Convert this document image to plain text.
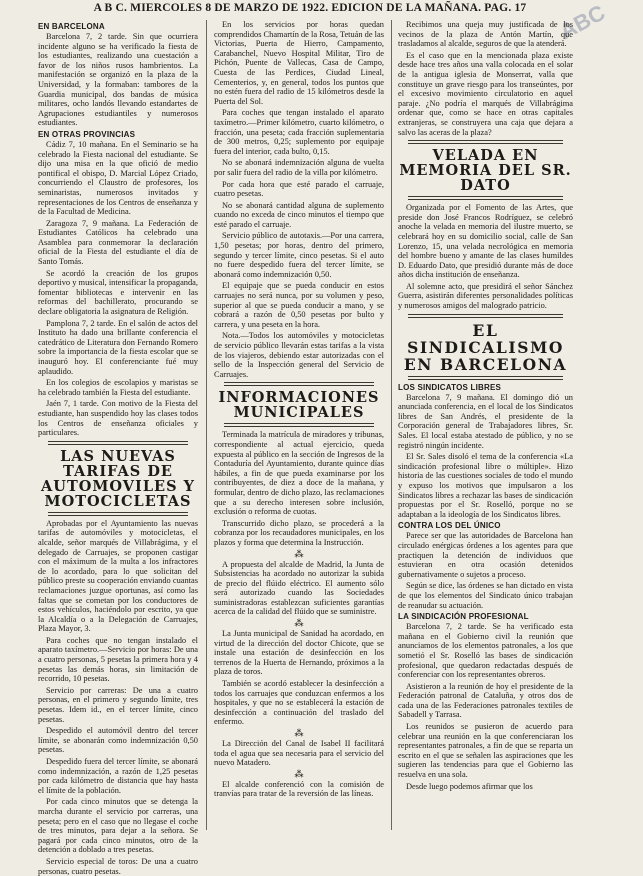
A B C. MIERCOLES 8 DE MARZO DE 1922. EDICION DE LA MAÑANA. PAG. 17	ABC
EN BARCELONA

Barcelona 7, 2 tarde. Sin que ocurriera incidente alguno se ha verificado la fiesta de los estudiantes, realizando una cuestación a favor de los niños rusos hambrientos. La manifestación se organizó en la plaza de la Universidad, y la formaban: tambores de la Guardia municipal, dos bandas de música militares, ocho landós llevando estandartes de Agrupaciones estudiantiles y numerosos estudiantes.

EN OTRAS PROVINCIAS

Cádiz 7, 10 mañana. En el Seminario se ha celebrado la Fiesta nacional del estudiante. Se dijo una misa en la que ofició de medio pontifical el obispo, D. Marcial López Criado, concurriendo el Claustro de profesores, los seminaristas, numerosos invitados y representaciones de los Centros de enseñanza y de la Facultad de Medicina.

Zaragoza 7, 9 mañana. La Federación de Estudiantes Católicos ha celebrado una Asamblea para conmemorar la declaración oficial de la Fiesta del estudiante el día de Santo Tomás.

Se acordó la creación de los grupos deportivo y musical, intensificar la propaganda, fomentar bibliotecas e intervenir en las reformas del bachillerato, procurando se declare obligatoria la asignatura de Religión.

Pamplona 7, 2 tarde. En el salón de actos del Instituto ha dado una brillante conferencia el catedrático de Literatura don Fernando Romero sobre la importancia de la fiesta escolar que se inauguró hoy. El conferenciante fué muy aplaudido.

En los colegios de escolapios y maristas se ha celebrado también la Fiesta del estudiante.

Jaén 7, 1 tarde. Con motivo de la Fiesta del estudiante, han suspendido hoy las clases todos los Centros de enseñanza oficiales y particulares.

LAS NUEVAS TARIFAS DE AUTOMOVILES Y MOTOCICLETAS

Aprobadas por el Ayuntamiento las nuevas tarifas de automóviles y motocicletas, el alcalde, señor marqués de Villabrágima, y el delegado de Carruajes, se proponen castigar con el máximum de la multa a los infractores de lo acordado, para lo que solicitan del público preste su cooperación enviando cuantas reclamaciones juzgue oportunas, así como las faltas que se cometan por los conductores de estos vehículos, haciéndolo por escrito, ya que la Alcaldía o a la Delegación de Carruajes, Plaza Mayor, 3.

Para coches que no tengan instalado el aparato taxímetro.—Servicio por horas: De una a cuatro personas, 5 pesetas la primera hora y 4 pesetas las demás horas, sin limitación de recorrido, 10 pesetas.

Servicio por carreras: De una a cuatro personas, en el primero y segundo límite, tres pesetas. Idem id., en el tercer límite, cinco pesetas.

Despedido el automóvil dentro del tercer límite, se abonarán como indemnización 0,50 pesetas.

Despedido fuera del tercer límite, se abonará como indemnización, a razón de 1,25 pesetas por cada kilómetro de distancia que hay hasta el límite de la población.

Por cada cinco minutos que se detenga la marcha durante el servicio por carreras, una peseta; pero en el caso que no llegase el coche de tres minutos, para dejar a la señora. Se pagará por cada cinco minutos, otro de la detención a doblado a tres pesetas.

Servicio especial de toros: De una a cuatro personas, cuatro pesetas.

En los servicios por horas quedan comprendidos Chamartín de la Rosa, Tetuán de las Victorias, Puerta de Hierro, Campamento, Carabanchel, Nuevo Hospital Militar, Tiro de Pichón, Puente de Vallecas, Casa de Campo, Cuesta de las Perdices, Ciudad Lineal, Cementerios, y, en general, todos los puntos que no estén fuera del radio de 15 kilómetros desde la Puerta del Sol.

Para coches que tengan instalado el aparato taxímetro.—Primer kilómetro, cuarto kilómetro, o fracción, una peseta; cada fracción suplementaria de 300 metros, 0,25; suplemento por equipaje fuera del interior, cada bulto, 0,15.

No se abonará indemnización alguna de vuelta por salir fuera del radio de la villa por kilómetro.

Por cada hora que esté parado el carruaje, cuatro pesetas.

No se abonará cantidad alguna de suplemento cuando no exceda de cinco minutos el tiempo que esté parado el carruaje.

Servicio público de autotaxis.—Por una carrera, 1,50 pesetas; por horas, dentro del primero, segundo y tercer límite, cinco pesetas. Si el auto no fuere despedido fuera del tercer límite, se abonará como indemnización 0,50.

El equipaje que se pueda conducir en estos carruajes no será nunca, por su volumen y peso, superior al que se pueda conducir a mano, y se cobrará a razón de 0,50 pesetas por bulto y carrera, y una peseta en la hora.

Nota.—Todos los automóviles y motocicletas de servicio público llevarán estas tarifas a la vista de los viajeros, debiendo estar autorizadas con el sello de la Inspección general del Servicio de Carruajes.

INFORMACIONES MUNICIPALES

Terminada la matrícula de miradores y tribunas, correspondiente al actual ejercicio, queda expuesta al público en la sección de Ingresos de la Contaduría del Ayuntamiento, durante quince días hábiles, a fin de que pueda examinarse por los contribuyentes, de diez a doce de la mañana, y formular, dentro de dicho plazo, las reclamaciones que a su derecho interesen sobre inclusión, exclusión o reforma de cuotas.

Transcurrido dicho plazo, se procederá a la cobranza por los recaudadores municipales, en los plazos y forma que determina la Instrucción.

⁂

A propuesta del alcalde de Madrid, la Junta de Subsistencias ha acordado no autorizar la subida de precio del flúido eléctrico. El aumento sólo será autorizado cuando las Sociedades suministradoras establezcan suficientes garantías acerca de la calidad del flúido que se suministre.

⁂

La Junta municipal de Sanidad ha acordado, en virtud de la dirección del doctor Chicote, que se instale una estación de desinfección en los terrenos de la Huerta de Hernando, próximos a la plaza de toros.

También se acordó establecer la desinfección a todos los carruajes que conduzcan enfermos a los hospitales, y que no se establecerá la estación de desinfección a continuación del traslado del enfermo.

⁂

La Dirección del Canal de Isabel II facilitará toda el agua que sea necesaria para el servicio del nuevo Matadero.

⁂

El alcalde conferenció con la comisión de tranvías para tratar de la reversión de las líneas.

Recibimos una queja muy justificada de los vecinos de la plaza de Antón Martín, que trasladamos al alcalde, seguros de que la atenderá.

Es el caso que en la mencionada plaza existe desde hace tres años una valla colocada en el solar de la antigua iglesia de Monserrat, valla que constituye un grave riesgo para los transeúntes, por el excesivo movimiento circulatorio en aquel paraje. ¿No podría el marqués de Villabrágima ordenar que, como se hace en otras capitales extranjeras, se construyera una caja que dejara a salvo las aceras de la plaza?

VELADA EN MEMORIA DEL SR. DATO

Organizada por el Fomento de las Artes, que preside don José Francos Rodríguez, se celebró anoche la velada en memoria del ilustre muerto, se celebrará hoy en su domicilio social, calle de San Lorenzo, 15, una velada necrológica en memoria del hombre bueno y amante de las clases humildes D. Eduardo Dato, que presidió durante más de doce años dicha institución de enseñanza.

Al solemne acto, que presidirá el señor Sánchez Guerra, asistirán diferentes personalidades políticas y numerosos amigos del malogrado patricio.

EL SINDICALISMO EN BARCELONA
LOS SINDICATOS LIBRES

Barcelona 7, 9 mañana. El domingo dió un anunciada conferencia, en el local de los Sindicatos libres de San Andrés, el presidente de la Corporación general de Trabajadores libres, Sr. Sales. El local estaba atestado de público, y no se registró ningún incidente.

El Sr. Sales disoló el tema de la conferencia «La sindicación profesional libre o múltiple». Hizo historia de las cuestiones sociales de todo el mundo y expuso los motivos que impulsaron a los Sindicatos libres a rechazar las bases de sindicación propuestas por el Sr. Roselló, porque no se adaptaban a la ideología de los Sindicatos libres.

CONTRA LOS DEL ÚNICO

Parece ser que las autoridades de Barcelona han circulado enérgicas órdenes a los agentes para que practiquen la detención de individuos que estuvieran en otra ocasión detenidos gubernativamente o sujetos a proceso.

Según se dice, las órdenes se han dictado en vista de que los elementos del Sindicato único trabajan de reanudar su actuación.

LA SINDICACIÓN PROFESIONAL

Barcelona 7, 2 tarde. Se ha verificado esta mañana en el Gobierno civil la reunión que anunciamos de los elementos patronales, a los que sometió el Sr. Roselló las bases de sindicación profesional, que quedaron redactadas después de conferenciar con los representantes obreros.

Asistieron a la reunión de hoy el presidente de la Federación patronal de Cataluña, y otros dos de cada una de las Federaciones patronales textiles de Sabadell y Tarrasa.

Los reunidos se pusieron de acuerdo para celebrar una reunión en la que conferenciaran los representantes patronales, a fin de que se reparta un escrito en el que se señalen las aspiraciones que les sugieren las tendencias para que el Gobierno las resuelva en una sola.

Desde luego podemos afirmar que los
